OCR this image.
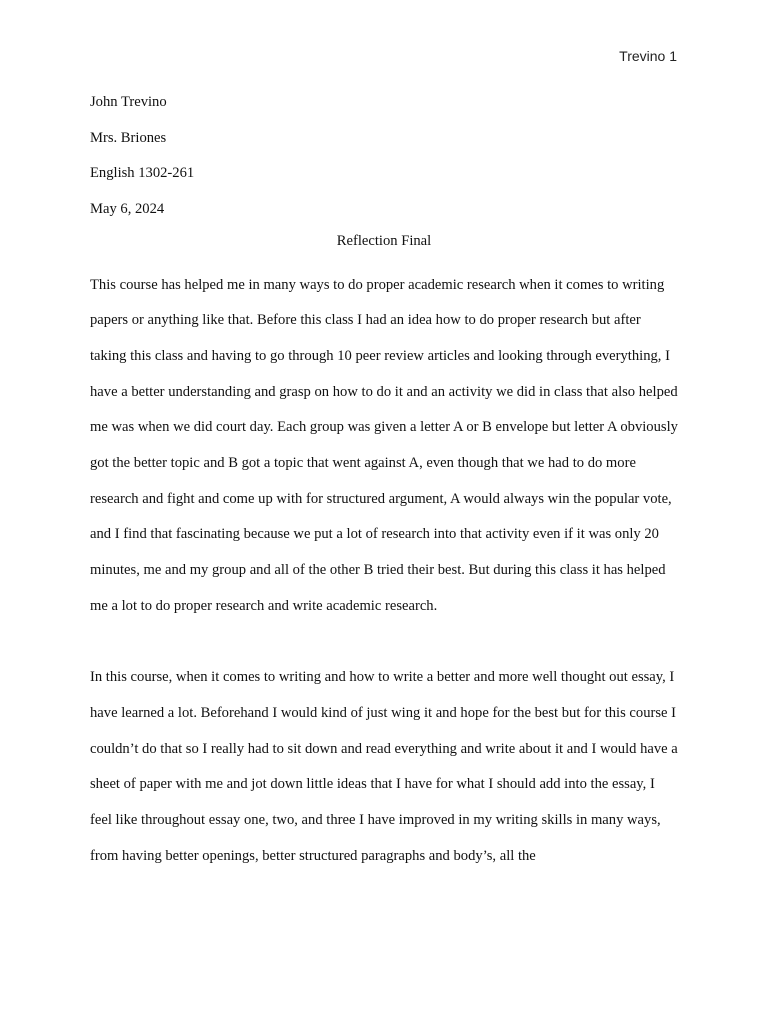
Trevino 1
John Trevino
Mrs. Briones
English 1302-261
May 6, 2024
Reflection Final

This course has helped me in many ways to do proper academic research when it comes to writing papers or anything like that. Before this class I had an idea how to do proper research but after taking this class and having to go through 10 peer review articles and looking through everything, I have a better understanding and grasp on how to do it and an activity we did in class that also helped me was when we did court day. Each group was given a letter A or B envelope but letter A obviously got the better topic and B got a topic that went against A, even though that we had to do more research and fight and come up with for structured argument, A would always win the popular vote, and I find that fascinating because we put a lot of research into that activity even if it was only 20 minutes, me and my group and all of the other B tried their best. But during this class it has helped me a lot to do proper research and write academic research.

In this course, when it comes to writing and how to write a better and more well thought out essay, I have learned a lot. Beforehand I would kind of just wing it and hope for the best but for this course I couldn’t do that so I really had to sit down and read everything and write about it and I would have a sheet of paper with me and jot down little ideas that I have for what I should add into the essay, I feel like throughout essay one, two, and three I have improved in my writing skills in many ways, from having better openings, better structured paragraphs and body’s, all the
